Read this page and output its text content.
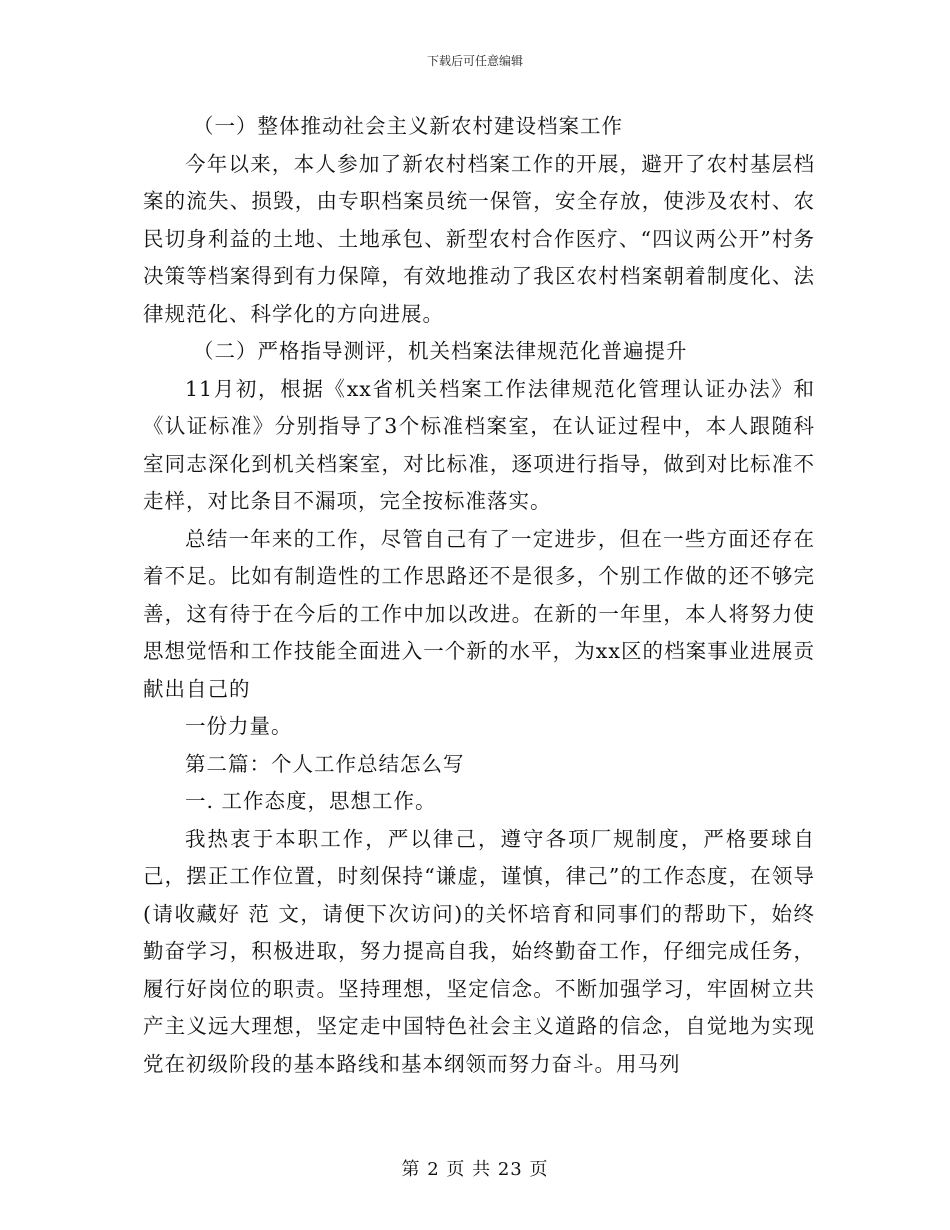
下载后可任意编辑

（一）整体推动社会主义新农村建设档案工作

今年以来，本人参加了新农村档案工作的开展，避开了农村基层档案的流失、损毁，由专职档案员统一保管，安全存放，使涉及农村、农民切身利益的土地、土地承包、新型农村合作医疗、“四议两公开”村务决策等档案得到有力保障，有效地推动了我区农村档案朝着制度化、法律规范化、科学化的方向进展。

（二）严格指导测评，机关档案法律规范化普遍提升

11月初，根据《xx省机关档案工作法律规范化管理认证办法》和《认证标准》分别指导了3个标准档案室，在认证过程中，本人跟随科室同志深化到机关档案室，对比标准，逐项进行指导，做到对比标准不走样，对比条目不漏项，完全按标准落实。

总结一年来的工作，尽管自己有了一定进步，但在一些方面还存在着不足。比如有制造性的工作思路还不是很多，个别工作做的还不够完善，这有待于在今后的工作中加以改进。在新的一年里，本人将努力使思想觉悟和工作技能全面进入一个新的水平，为xx区的档案事业进展贡献出自己的

一份力量。

第二篇：个人工作总结怎么写

一. 工作态度，思想工作。

我热衷于本职工作，严以律己，遵守各项厂规制度，严格要球自己，摆正工作位置，时刻保持“谦虚，谨慎，律己”的工作态度，在领导(请收藏好 范 文，请便下次访问)的关怀培育和同事们的帮助下，始终勤奋学习，积极进取，努力提高自我，始终勤奋工作，仔细完成任务，履行好岗位的职责。坚持理想，坚定信念。不断加强学习，牢固树立共产主义远大理想，坚定走中国特色社会主义道路的信念，自觉地为实现党在初级阶段的基本路线和基本纲领而努力奋斗。用马列

第 2 页 共 23 页
